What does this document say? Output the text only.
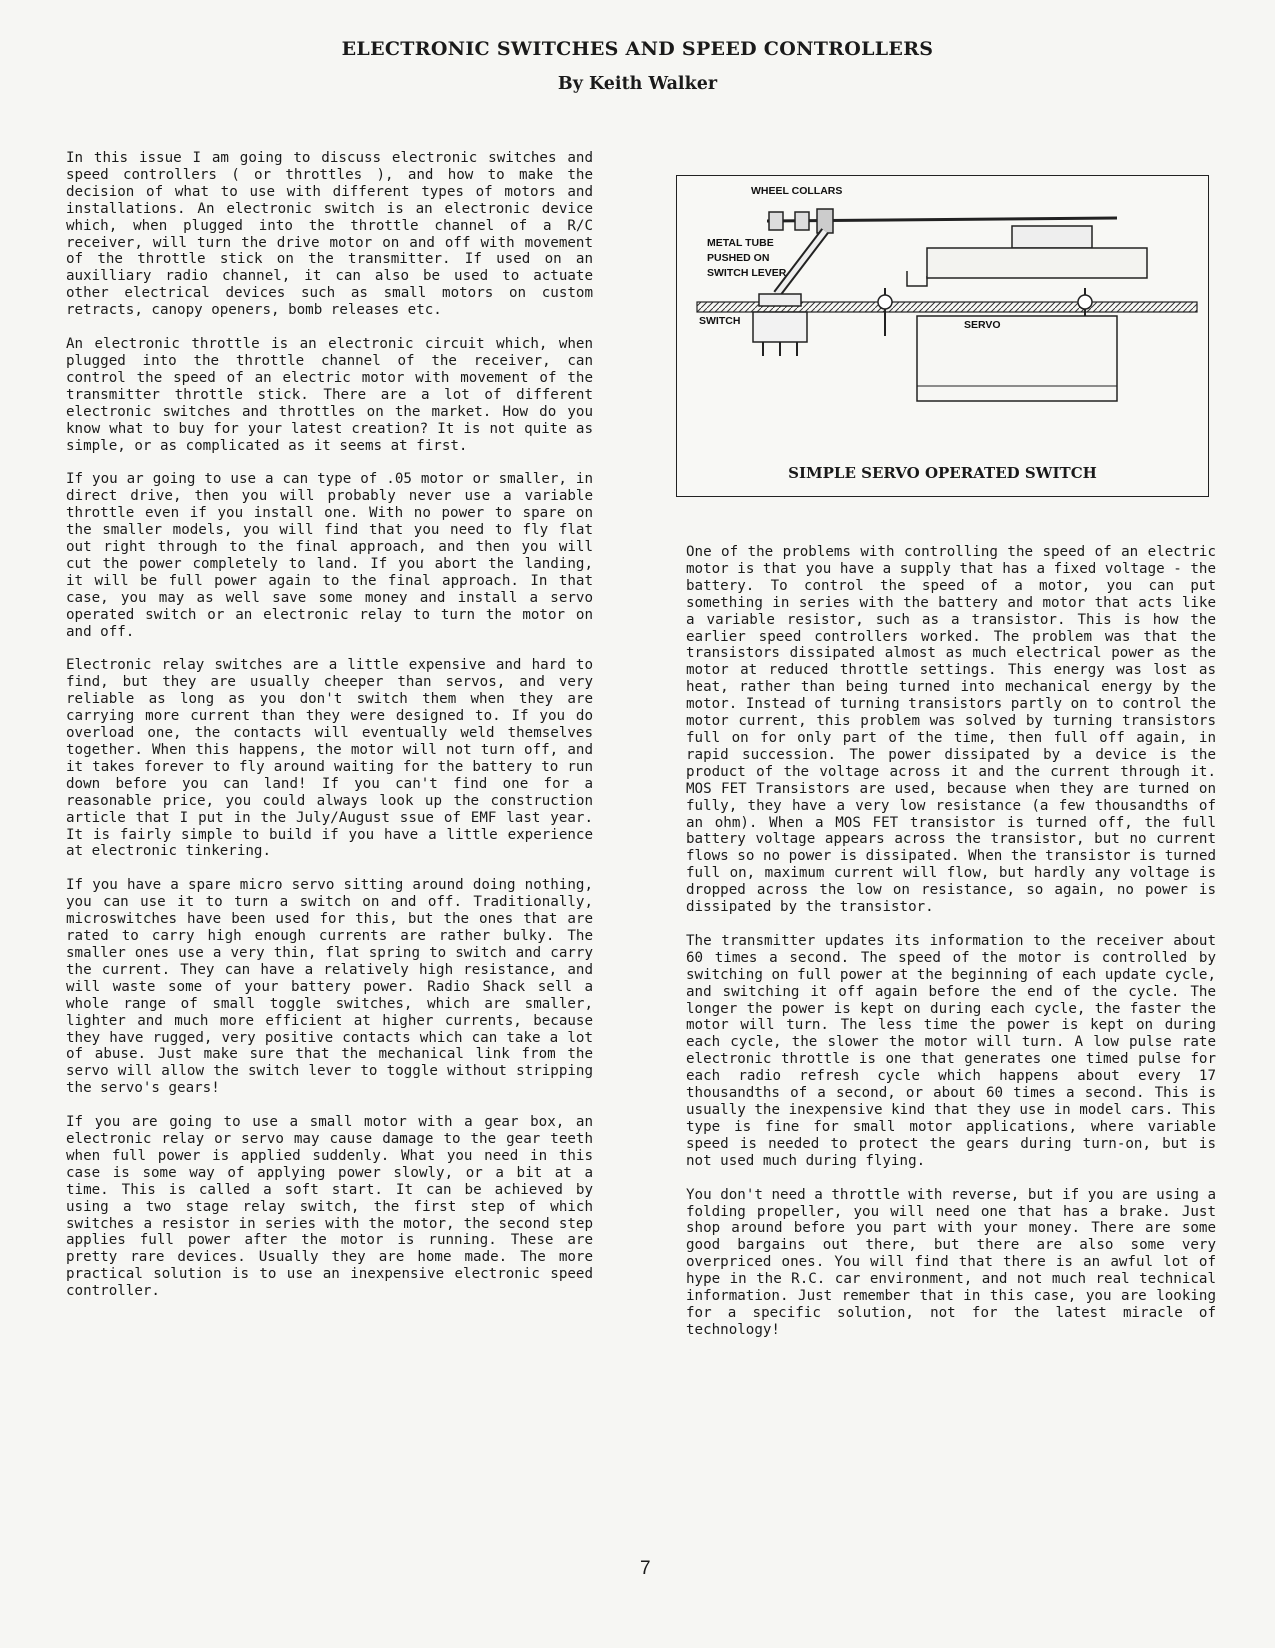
ELECTRONIC SWITCHES AND SPEED CONTROLLERS
By Keith Walker

In this issue I am going to discuss electronic switches and speed controllers ( or throttles ), and how to make the decision of what to use with different types of motors and installations. An electronic switch is an electronic device which, when plugged into the throttle channel of a R/C receiver, will turn the drive motor on and off with movement of the throttle stick on the transmitter. If used on an auxilliary radio channel, it can also be used to actuate other electrical devices such as small motors on custom retracts, canopy openers, bomb releases etc.

An electronic throttle is an electronic circuit which, when plugged into the throttle channel of the receiver, can control the speed of an electric motor with movement of the transmitter throttle stick. There are a lot of different electronic switches and throttles on the market. How do you know what to buy for your latest creation? It is not quite as simple, or as complicated as it seems at first.

If you ar going to use a can type of .05 motor or smaller, in direct drive, then you will probably never use a variable throttle even if you install one. With no power to spare on the smaller models, you will find that you need to fly flat out right through to the final approach, and then you will cut the power completely to land. If you abort the landing, it will be full power again to the final approach. In that case, you may as well save some money and install a servo operated switch or an electronic relay to turn the motor on and off.

Electronic relay switches are a little expensive and hard to find, but they are usually cheeper than servos, and very reliable as long as you don't switch them when they are carrying more current than they were designed to. If you do overload one, the contacts will eventually weld themselves together. When this happens, the motor will not turn off, and it takes forever to fly around waiting for the battery to run down before you can land! If you can't find one for a reasonable price, you could always look up the construction article that I put in the July/August ssue of EMF last year. It is fairly simple to build if you have a little experience at electronic tinkering.

If you have a spare micro servo sitting around doing nothing, you can use it to turn a switch on and off. Traditionally, microswitches have been used for this, but the ones that are rated to carry high enough currents are rather bulky. The smaller ones use a very thin, flat spring to switch and carry the current. They can have a relatively high resistance, and will waste some of your battery power. Radio Shack sell a whole range of small toggle switches, which are smaller, lighter and much more efficient at higher currents, because they have rugged, very positive contacts which can take a lot of abuse. Just make sure that the mechanical link from the servo will allow the switch lever to toggle without stripping the servo's gears!

If you are going to use a small motor with a gear box, an electronic relay or servo may cause damage to the gear teeth when full power is applied suddenly. What you need in this case is some way of applying power slowly, or a bit at a time. This is called a soft start. It can be achieved by using a two stage relay switch, the first step of which switches a resistor in series with the motor, the second step applies full power after the motor is running. These are pretty rare devices. Usually they are home made. The more practical solution is to use an inexpensive electronic speed controller.

WHEEL COLLARS
METAL TUBE
PUSHED ON
SWITCH LEVER
SWITCH	SERVO
SIMPLE SERVO OPERATED SWITCH

One of the problems with controlling the speed of an electric motor is that you have a supply that has a fixed voltage - the battery. To control the speed of a motor, you can put something in series with the battery and motor that acts like a variable resistor, such as a transistor. This is how the earlier speed controllers worked. The problem was that the transistors dissipated almost as much electrical power as the motor at reduced throttle settings. This energy was lost as heat, rather than being turned into mechanical energy by the motor. Instead of turning transistors partly on to control the motor current, this problem was solved by turning transistors full on for only part of the time, then full off again, in rapid succession. The power dissipated by a device is the product of the voltage across it and the current through it. MOS FET Transistors are used, because when they are turned on fully, they have a very low resistance (a few thousandths of an ohm). When a MOS FET transistor is turned off, the full battery voltage appears across the transistor, but no current flows so no power is dissipated. When the transistor is turned full on, maximum current will flow, but hardly any voltage is dropped across the low on resistance, so again, no power is dissipated by the transistor.

The transmitter updates its information to the receiver about 60 times a second. The speed of the motor is controlled by switching on full power at the beginning of each update cycle, and switching it off again before the end of the cycle. The longer the power is kept on during each cycle, the faster the motor will turn. The less time the power is kept on during each cycle, the slower the motor will turn. A low pulse rate electronic throttle is one that generates one timed pulse for each radio refresh cycle which happens about every 17 thousandths of a second, or about 60 times a second. This is usually the inexpensive kind that they use in model cars. This type is fine for small motor applications, where variable speed is needed to protect the gears during turn-on, but is not used much during flying.

You don't need a throttle with reverse, but if you are using a folding propeller, you will need one that has a brake. Just shop around before you part with your money. There are some good bargains out there, but there are also some very overpriced ones. You will find that there is an awful lot of hype in the R.C. car environment, and not much real technical information. Just remember that in this case, you are looking for a specific solution, not for the latest miracle of technology!

7
